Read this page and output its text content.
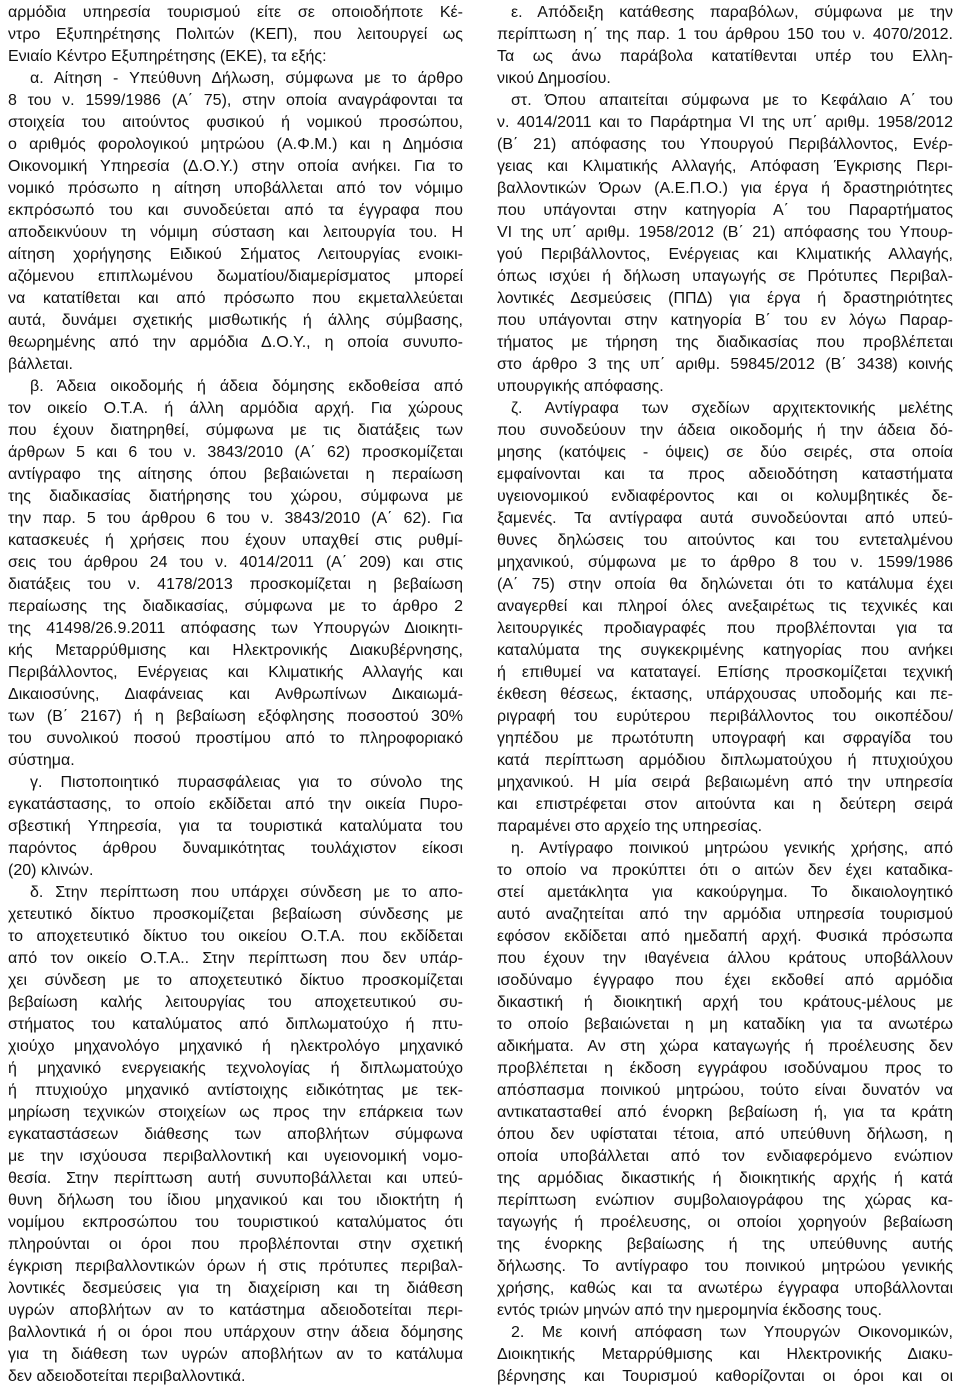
αρμόδια υπηρεσία τουρισμού είτε σε οποιοδήποτε Κέ-
ντρο Εξυπηρέτησης Πολιτών (ΚΕΠ), που λειτουργεί ως
Ενιαίο Κέντρο Εξυπηρέτησης (ΕΚΕ), τα εξής:
α. Αίτηση - Υπεύθυνη Δήλωση, σύμφωνα με το άρθρο
8 του ν. 1599/1986 (Α΄ 75), στην οποία αναγράφονται τα
στοιχεία του αιτούντος φυσικού ή νομικού προσώπου,
ο αριθμός φορολογικού μητρώου (Α.Φ.Μ.) και η Δημόσια
Οικονομική Υπηρεσία (Δ.Ο.Υ.) στην οποία ανήκει. Για το
νομικό πρόσωπο η αίτηση υποβάλλεται από τον νόμιμο
εκπρόσωπό του και συνοδεύεται από τα έγγραφα που
αποδεικνύουν τη νόμιμη σύσταση και λειτουργία του. Η
αίτηση χορήγησης Ειδικού Σήματος Λειτουργίας ενοικι-
αζόμενου επιπλωμένου δωματίου/διαμερίσματος μπορεί
να κατατίθεται και από πρόσωπο που εκμεταλλεύεται
αυτά, δυνάμει σχετικής μισθωτικής ή άλλης σύμβασης,
θεωρημένης από την αρμόδια Δ.Ο.Υ., η οποία συνυπο-
βάλλεται.
β. Άδεια οικοδομής ή άδεια δόμησης εκδοθείσα από
τον οικείο Ο.Τ.Α. ή άλλη αρμόδια αρχή. Για χώρους
που έχουν διατηρηθεί, σύμφωνα με τις διατάξεις των
άρθρων 5 και 6 του ν. 3843/2010 (Α΄ 62) προσκομίζεται
αντίγραφο της αίτησης όπου βεβαιώνεται η περαίωση
της διαδικασίας διατήρησης του χώρου, σύμφωνα με
την παρ. 5 του άρθρου 6 του ν. 3843/2010 (Α΄ 62). Για
κατασκευές ή χρήσεις που έχουν υπαχθεί στις ρυθμί-
σεις του άρθρου 24 του ν. 4014/2011 (Α΄ 209) και στις
διατάξεις του ν. 4178/2013 προσκομίζεται η βεβαίωση
περαίωσης της διαδικασίας, σύμφωνα με το άρθρο 2
της 41498/26.9.2011 απόφασης των Υπουργών Διοικητι-
κής Μεταρρύθμισης και Ηλεκτρονικής Διακυβέρνησης,
Περιβάλλοντος, Ενέργειας και Κλιματικής Αλλαγής και
Δικαιοσύνης, Διαφάνειας και Ανθρωπίνων Δικαιωμά-
των (Β΄ 2167) ή η βεβαίωση εξόφλησης ποσοστού 30%
του συνολικού ποσού προστίμου από το πληροφοριακό
σύστημα.
γ. Πιστοποιητικό πυρασφάλειας για το σύνολο της
εγκατάστασης, το οποίο εκδίδεται από την οικεία Πυρο-
σβεστική Υπηρεσία, για τα τουριστικά καταλύματα του
παρόντος άρθρου δυναμικότητας τουλάχιστον είκοσι
(20) κλινών.
δ. Στην περίπτωση που υπάρχει σύνδεση με το απο-
χετευτικό δίκτυο προσκομίζεται βεβαίωση σύνδεσης με
το αποχετευτικό δίκτυο του οικείου Ο.Τ.Α. που εκδίδεται
από τον οικείο Ο.Τ.Α.. Στην περίπτωση που δεν υπάρ-
χει σύνδεση με το αποχετευτικό δίκτυο προσκομίζεται
βεβαίωση καλής λειτουργίας του αποχετευτικού συ-
στήματος του καταλύματος από διπλωματούχο ή πτυ-
χιούχο μηχανολόγο μηχανικό ή ηλεκτρολόγο μηχανικό
ή μηχανικό ενεργειακής τεχνολογίας ή διπλωματούχο
ή πτυχιούχο μηχανικό αντίστοιχης ειδικότητας με τεκ-
μηρίωση τεχνικών στοιχείων ως προς την επάρκεια των
εγκαταστάσεων διάθεσης των αποβλήτων σύμφωνα
με την ισχύουσα περιβαλλοντική και υγειονομική νομο-
θεσία. Στην περίπτωση αυτή συνυποβάλλεται και υπεύ-
θυνη δήλωση του ίδιου μηχανικού και του ιδιοκτήτη ή
νομίμου εκπροσώπου του τουριστικού καταλύματος ότι
πληρούνται οι όροι που προβλέπονται στην σχετική
έγκριση περιβαλλοντικών όρων ή στις πρότυπες περιβαλ-
λοντικές δεσμεύσεις για τη διαχείριση και τη διάθεση
υγρών αποβλήτων αν το κατάστημα αδειοδοτείται περι-
βαλλοντικά ή οι όροι που υπάρχουν στην άδεια δόμησης
για τη διάθεση των υγρών αποβλήτων αν το κατάλυμα
δεν αδειοδοτείται περιβαλλοντικά.
ε. Απόδειξη κατάθεσης παραβόλων, σύμφωνα με την
περίπτωση η΄ της παρ. 1 του άρθρου 150 του ν. 4070/2012.
Τα ως άνω παράβολα κατατίθενται υπέρ του Ελλη-
νικού Δημοσίου.
στ. Όπου απαιτείται σύμφωνα με το Κεφάλαιο Α΄ του
ν. 4014/2011 και το Παράρτημα VI της υπ΄ αριθμ. 1958/2012
(Β΄ 21) απόφασης του Υπουργού Περιβάλλοντος, Ενέρ-
γειας και Κλιματικής Αλλαγής, Απόφαση Έγκρισης Περι-
βαλλοντικών Όρων (Α.Ε.Π.Ο.) για έργα ή δραστηριότητες
που υπάγονται στην κατηγορία Α΄ του Παραρτήματος
VI της υπ΄ αριθμ. 1958/2012 (Β΄ 21) απόφασης του Υπουρ-
γού Περιβάλλοντος, Ενέργειας και Κλιματικής Αλλαγής,
όπως ισχύει ή δήλωση υπαγωγής σε Πρότυπες Περιβαλ-
λοντικές Δεσμεύσεις (ΠΠΔ) για έργα ή δραστηριότητες
που υπάγονται στην κατηγορία Β΄ του εν λόγω Παραρ-
τήματος με τήρηση της διαδικασίας που προβλέπεται
στο άρθρο 3 της υπ΄ αριθμ. 59845/2012 (Β΄ 3438) κοινής
υπουργικής απόφασης.
ζ. Αντίγραφα των σχεδίων αρχιτεκτονικής μελέτης
που συνοδεύουν την άδεια οικοδομής ή την άδεια δό-
μησης (κατόψεις - όψεις) σε δύο σειρές, στα οποία
εμφαίνονται και τα προς αδειοδότηση καταστήματα
υγειονομικού ενδιαφέροντος και οι κολυμβητικές δε-
ξαμενές. Τα αντίγραφα αυτά συνοδεύονται από υπεύ-
θυνες δηλώσεις του αιτούντος και του εντεταλμένου
μηχανικού, σύμφωνα με το άρθρο 8 του ν. 1599/1986
(Α΄ 75) στην οποία θα δηλώνεται ότι το κατάλυμα έχει
αναγερθεί και πληροί όλες ανεξαιρέτως τις τεχνικές και
λειτουργικές προδιαγραφές που προβλέπονται για τα
καταλύματα της συγκεκριμένης κατηγορίας που ανήκει
ή επιθυμεί να καταταγεί. Επίσης προσκομίζεται τεχνική
έκθεση θέσεως, έκτασης, υπάρχουσας υποδομής και πε-
ριγραφή του ευρύτερου περιβάλλοντος του οικοπέδου/
γηπέδου με πρωτότυπη υπογραφή και σφραγίδα του
κατά περίπτωση αρμόδιου διπλωματούχου ή πτυχιούχου
μηχανικού. Η μία σειρά βεβαιωμένη από την υπηρεσία
και επιστρέφεται στον αιτούντα και η δεύτερη σειρά
παραμένει στο αρχείο της υπηρεσίας.
η. Αντίγραφο ποινικού μητρώου γενικής χρήσης, από
το οποίο να προκύπτει ότι ο αιτών δεν έχει καταδικα-
στεί αμετάκλητα για κακούργημα. Το δικαιολογητικό
αυτό αναζητείται από την αρμόδια υπηρεσία τουρισμού
εφόσον εκδίδεται από ημεδαπή αρχή. Φυσικά πρόσωπα
που έχουν την ιθαγένεια άλλου κράτους υποβάλλουν
ισοδύναμο έγγραφο που έχει εκδοθεί από αρμόδια
δικαστική ή διοικητική αρχή του κράτους-μέλους με
το οποίο βεβαιώνεται η μη καταδίκη για τα ανωτέρω
αδικήματα. Αν στη χώρα καταγωγής ή προέλευσης δεν
προβλέπεται η έκδοση εγγράφου ισοδύναμου προς το
απόσπασμα ποινικού μητρώου, τούτο είναι δυνατόν να
αντικατασταθεί από ένορκη βεβαίωση ή, για τα κράτη
όπου δεν υφίσταται τέτοια, από υπεύθυνη δήλωση, η
οποία υποβάλλεται από τον ενδιαφερόμενο ενώπιον
της αρμόδιας δικαστικής ή διοικητικής αρχής ή κατά
περίπτωση ενώπιον συμβολαιογράφου της χώρας κα-
ταγωγής ή προέλευσης, οι οποίοι χορηγούν βεβαίωση
της ένορκης βεβαίωσης ή της υπεύθυνης αυτής
δήλωσης. Το αντίγραφο του ποινικού μητρώου γενικής
χρήσης, καθώς και τα ανωτέρω έγγραφα υποβάλλονται
εντός τριών μηνών από την ημερομηνία έκδοσης τους.
2. Με κοινή απόφαση των Υπουργών Οικονομικών,
Διοικητικής Μεταρρύθμισης και Ηλεκτρονικής Διακυ-
βέρνησης και Τουρισμού καθορίζονται οι όροι και οι
